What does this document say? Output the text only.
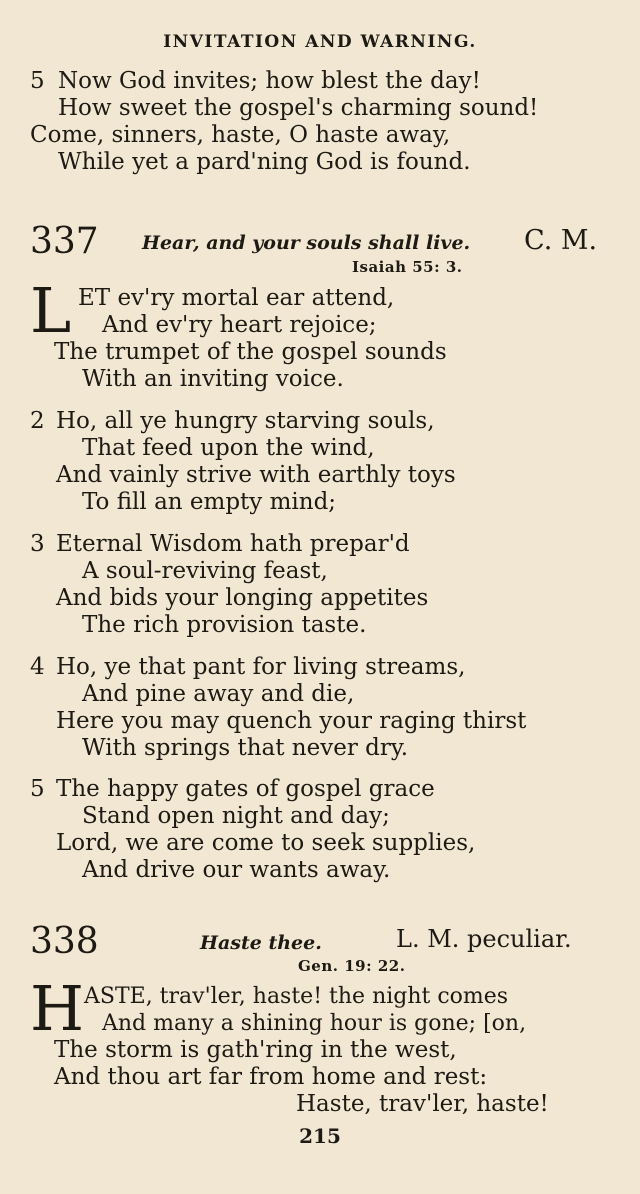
INVITATION AND WARNING.
5 Now God invites; how blest the day!
How sweet the gospel's charming sound!
Come, sinners, haste, O haste away,
While yet a pard'ning God is found.
337 Hear, and your souls shall live. C. M.
Isaiah 55: 3.
L ET ev'ry mortal ear attend,
And ev'ry heart rejoice;
The trumpet of the gospel sounds
With an inviting voice.
2 Ho, all ye hungry starving souls,
That feed upon the wind,
And vainly strive with earthly toys
To fill an empty mind;
3 Eternal Wisdom hath prepar'd
A soul-reviving feast,
And bids your longing appetites
The rich provision taste.
4 Ho, ye that pant for living streams,
And pine away and die,
Here you may quench your raging thirst
With springs that never dry.
5 The happy gates of gospel grace
Stand open night and day;
Lord, we are come to seek supplies,
And drive our wants away.
338	Haste thee.	L. M. peculiar.
Gen. 19: 22.
H ASTE, trav'ler, haste! the night comes
And many a shining hour is gone; [on,
The storm is gath'ring in the west,
And thou art far from home and rest:
Haste, trav'ler, haste!
215
